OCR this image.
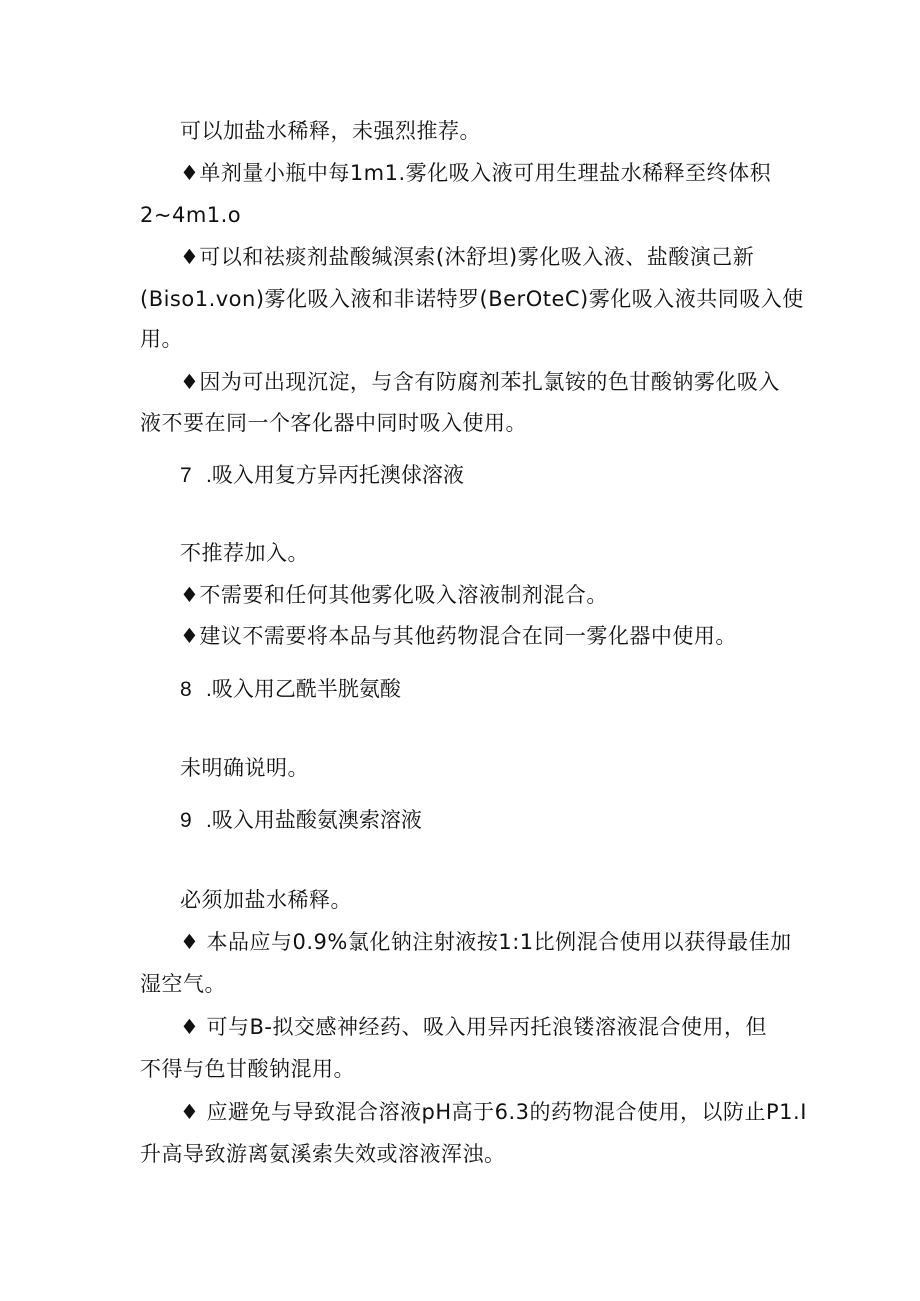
可以加盐水稀释，未强烈推荐。
♦单剂量小瓶中每1m1.雾化吸入液可用生理盐水稀释至终体积
2~4m1.o
♦可以和祛痰剂盐酸缄溟索(沐舒坦)雾化吸入液、盐酸演己新
(Biso1.von)雾化吸入液和非诺特罗(BerOteC)雾化吸入液共同吸入使
用。
♦因为可出现沉淀，与含有防腐剂苯扎氯铵的色甘酸钠雾化吸入
液不要在同一个客化器中同时吸入使用。
7 .吸入用复方异丙托澳俅溶液
不推荐加入。
♦不需要和任何其他雾化吸入溶液制剂混合。
♦建议不需要将本品与其他药物混合在同一雾化器中使用。
8 .吸入用乙酰半胱氨酸
未明确说明。
9 .吸入用盐酸氨澳索溶液
必须加盐水稀释。
♦ 本品应与0.9%氯化钠注射液按1:1比例混合使用以获得最佳加
湿空气。
♦ 可与B-拟交感神经药、吸入用异丙托浪镂溶液混合使用，但
不得与色甘酸钠混用。
♦ 应避免与导致混合溶液pH高于6.3的药物混合使用，以防止P1.I
升高导致游离氨溪索失效或溶液浑浊。
